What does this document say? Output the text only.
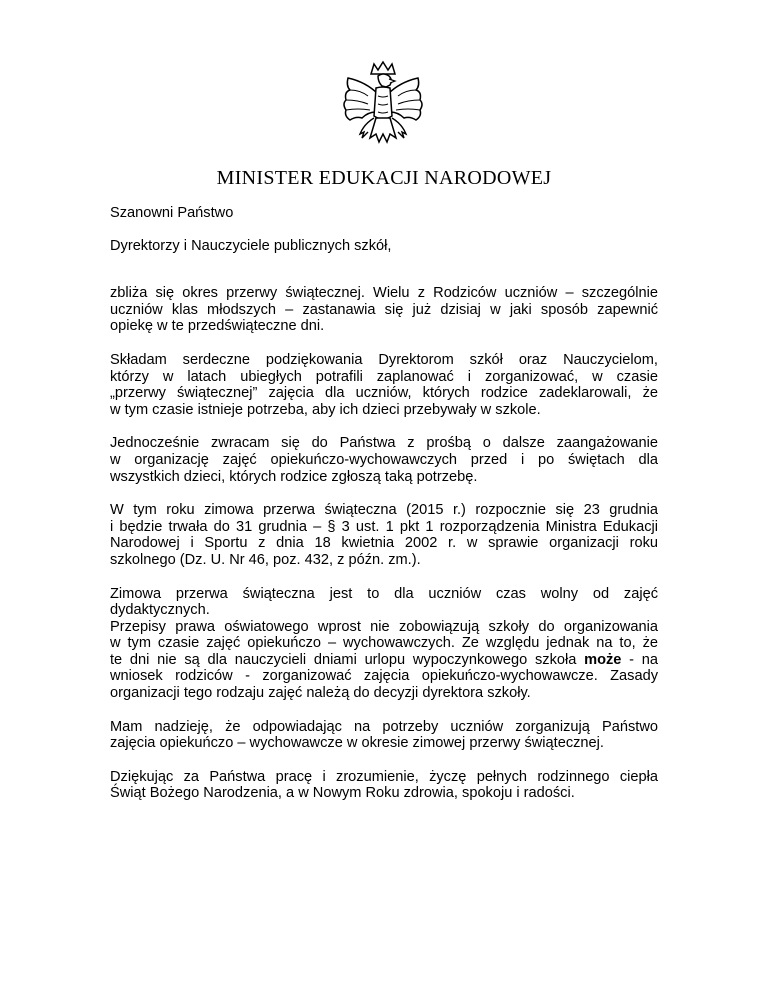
MINISTER EDUKACJI NARODOWEJ
Szanowni Państwo
Dyrektorzy i Nauczyciele publicznych szkół,
zbliża się okres przerwy świątecznej. Wielu z Rodziców uczniów – szczególnie
uczniów klas młodszych – zastanawia się już dzisiaj w jaki sposób zapewnić
opiekę w te przedświąteczne dni.
Składam serdeczne podziękowania Dyrektorom szkół oraz Nauczycielom,
którzy w latach ubiegłych potrafili zaplanować i zorganizować, w czasie
„przerwy świątecznej” zajęcia dla uczniów, których rodzice zadeklarowali, że
w tym czasie istnieje potrzeba, aby ich dzieci przebywały w szkole.
Jednocześnie zwracam się do Państwa z prośbą o dalsze zaangażowanie
w organizację zajęć opiekuńczo-wychowawczych przed i po świętach dla
wszystkich dzieci, których rodzice zgłoszą taką potrzebę.
W tym roku zimowa przerwa świąteczna (2015 r.) rozpocznie się 23 grudnia
i będzie trwała do 31 grudnia – § 3 ust. 1 pkt 1 rozporządzenia Ministra Edukacji
Narodowej i Sportu z dnia 18 kwietnia 2002 r. w sprawie organizacji roku
szkolnego (Dz. U. Nr 46, poz. 432, z późn. zm.).
Zimowa przerwa świąteczna jest to dla uczniów czas wolny od zajęć
dydaktycznych.
Przepisy prawa oświatowego wprost nie zobowiązują szkoły do organizowania
w tym czasie zajęć opiekuńczo – wychowawczych. Ze względu jednak na to, że
te dni nie są dla nauczycieli dniami urlopu wypoczynkowego szkoła może - na
wniosek rodziców - zorganizować zajęcia opiekuńczo-wychowawcze. Zasady
organizacji tego rodzaju zajęć należą do decyzji dyrektora szkoły.
Mam nadzieję, że odpowiadając na potrzeby uczniów zorganizują Państwo
zajęcia opiekuńczo – wychowawcze w okresie zimowej przerwy świątecznej.
Dziękując za Państwa pracę i zrozumienie, życzę pełnych rodzinnego ciepła
Świąt Bożego Narodzenia, a w Nowym Roku zdrowia, spokoju i radości.
